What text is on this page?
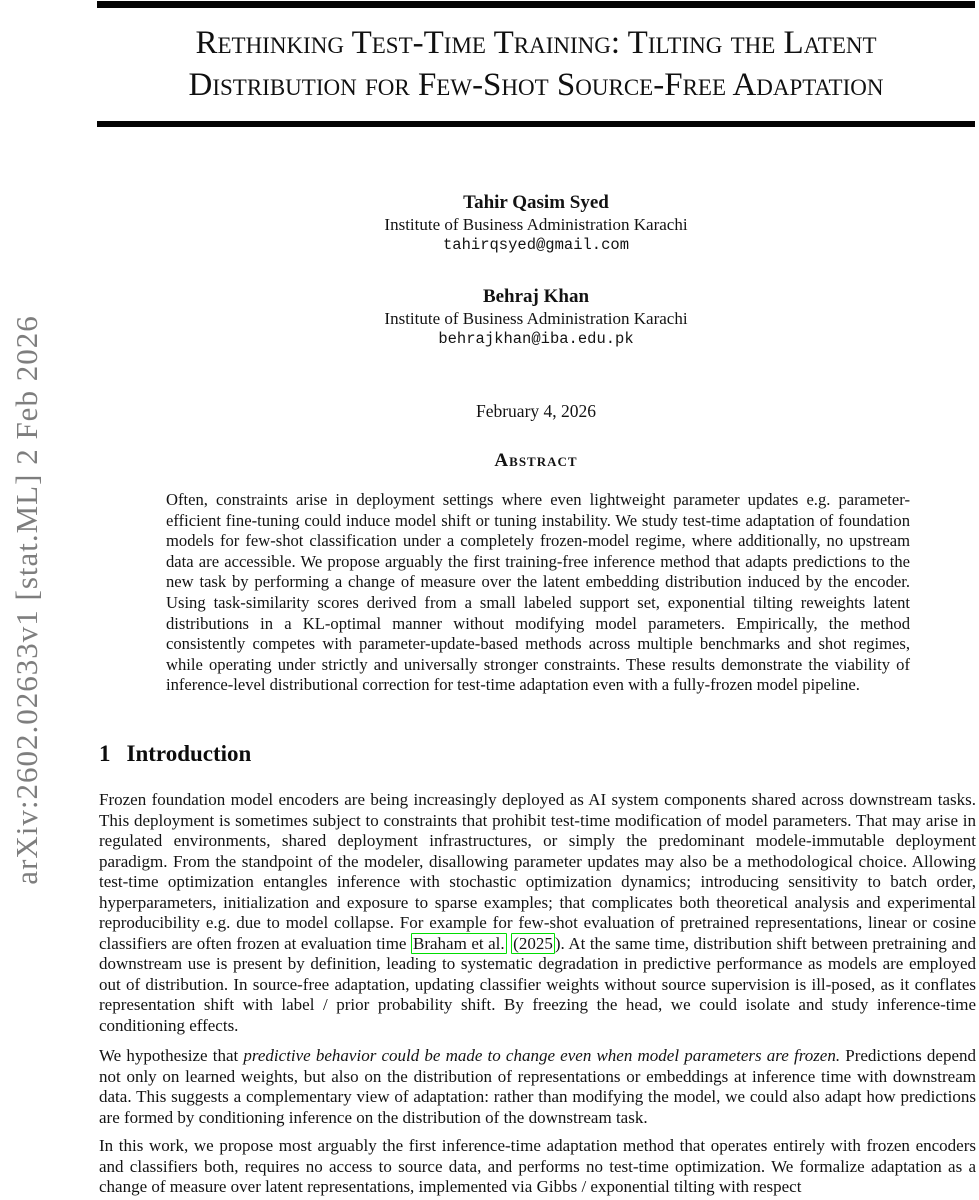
arXiv:2602.02633v1 [stat.ML] 2 Feb 2026
Rethinking Test-Time Training: Tilting the Latent
Distribution for Few-Shot Source-Free Adaptation
Tahir Qasim Syed
Institute of Business Administration Karachi
tahirqsyed@gmail.com
Behraj Khan
Institute of Business Administration Karachi
behrajkhan@iba.edu.pk
February 4, 2026
Abstract

Often, constraints arise in deployment settings where even lightweight parameter updates e.g. parameter-efficient fine-tuning could induce model shift or tuning instability. We study test-time adaptation of foundation models for few-shot classification under a completely frozen-model regime, where additionally, no upstream data are accessible. We propose arguably the first training-free inference method that adapts predictions to the new task by performing a change of measure over the latent embedding distribution induced by the encoder. Using task-similarity scores derived from a small labeled support set, exponential tilting reweights latent distributions in a KL-optimal manner without modifying model parameters. Empirically, the method consistently competes with parameter-update-based methods across multiple benchmarks and shot regimes, while operating under strictly and universally stronger constraints. These results demonstrate the viability of inference-level distributional correction for test-time adaptation even with a fully-frozen model pipeline.

1 Introduction

Frozen foundation model encoders are being increasingly deployed as AI system components shared across downstream tasks. This deployment is sometimes subject to constraints that prohibit test-time modification of model parameters. That may arise in regulated environments, shared deployment infrastructures, or simply the predominant modele-immutable deployment paradigm. From the standpoint of the modeler, disallowing parameter updates may also be a methodological choice. Allowing test-time optimization entangles inference with stochastic optimization dynamics; introducing sensitivity to batch order, hyperparameters, initialization and exposure to sparse examples; that complicates both theoretical analysis and experimental reproducibility e.g. due to model collapse. For example for few-shot evaluation of pretrained representations, linear or cosine classifiers are often frozen at evaluation time Braham et al. (2025 ). At the same time, distribution shift between pretraining and downstream use is present by definition, leading to systematic degradation in predictive performance as models are employed out of distribution. In source-free adaptation, updating classifier weights without source supervision is ill-posed, as it conflates representation shift with label / prior probability shift. By freezing the head, we could isolate and study inference-time conditioning effects.

We hypothesize that predictive behavior could be made to change even when model parameters are frozen. Predictions depend not only on learned weights, but also on the distribution of representations or embeddings at inference time with downstream data. This suggests a complementary view of adaptation: rather than modifying the model, we could also adapt how predictions are formed by conditioning inference on the distribution of the downstream task.

In this work, we propose most arguably the first inference-time adaptation method that operates entirely with frozen encoders and classifiers both, requires no access to source data, and performs no test-time optimization. We formalize adaptation as a change of measure over latent representations, implemented via Gibbs / exponential tilting with respect
